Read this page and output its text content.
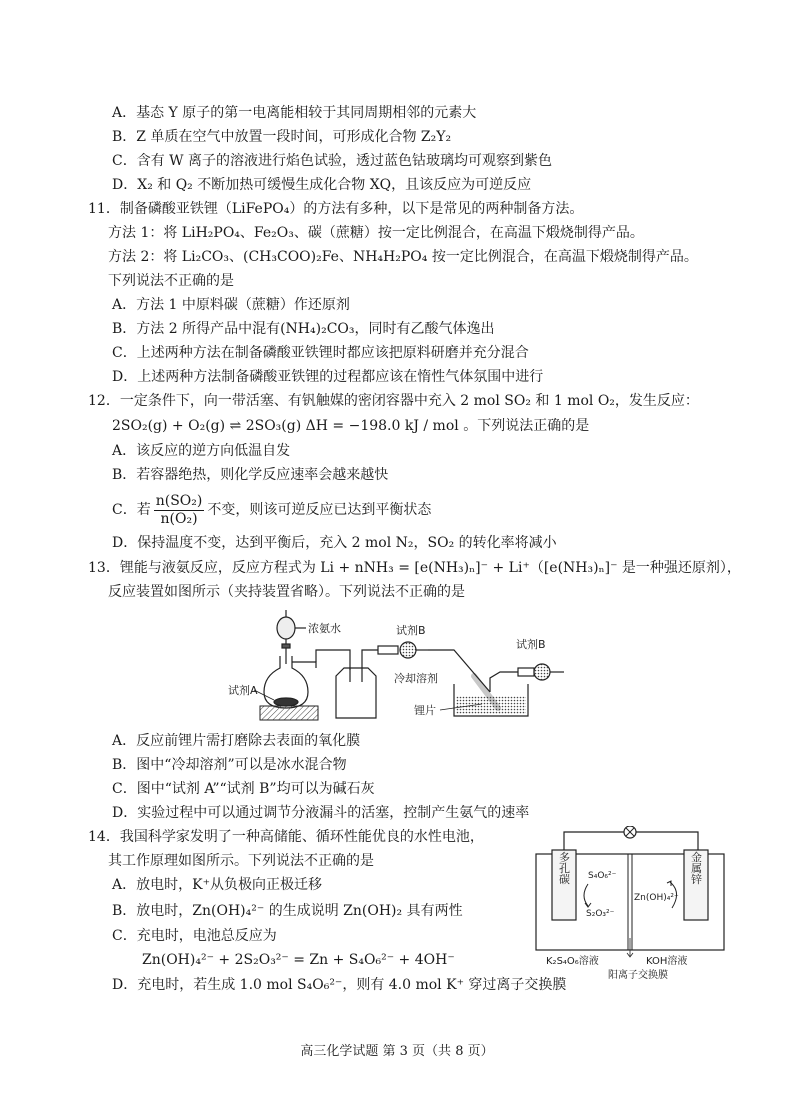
A．基态 Y 原子的第一电离能相较于其同周期相邻的元素大
B．Z 单质在空气中放置一段时间，可形成化合物 Z₂Y₂
C．含有 W 离子的溶液进行焰色试验，透过蓝色钴玻璃均可观察到紫色
D．X₂ 和 Q₂ 不断加热可缓慢生成化合物 XQ，且该反应为可逆反应
11．制备磷酸亚铁锂（LiFePO₄）的方法有多种，以下是常见的两种制备方法。
方法 1：将 LiH₂PO₄、Fe₂O₃、碳（蔗糖）按一定比例混合，在高温下煅烧制得产品。
方法 2：将 Li₂CO₃、(CH₃COO)₂Fe、NH₄H₂PO₄ 按一定比例混合，在高温下煅烧制得产品。
下列说法不正确的是
A．方法 1 中原料碳（蔗糖）作还原剂
B．方法 2 所得产品中混有(NH₄)₂CO₃，同时有乙酸气体逸出
C．上述两种方法在制备磷酸亚铁锂时都应该把原料研磨并充分混合
D．上述两种方法制备磷酸亚铁锂的过程都应该在惰性气体氛围中进行
12．一定条件下，向一带活塞、有钒触媒的密闭容器中充入 2 mol SO₂ 和 1 mol O₂，发生反应：
2SO₂(g) + O₂(g) ⇌ 2SO₃(g) ΔH = −198.0 kJ / mol 。下列说法正确的是
A．该反应的逆方向低温自发
B．若容器绝热，则化学反应速率会越来越快
C．若 $\frac{\text{n(SO₂)}}{\text{n(O₂)}}$ 不变，则该可逆反应已达到平衡状态
D．保持温度不变，达到平衡后，充入 2 mol N₂，SO₂ 的转化率将减小
13．锂能与液氨反应，反应方程式为 Li + nNH₃ = [e(NH₃)ₙ]⁻ + Li⁺（[e(NH₃)ₙ]⁻ 是一种强还原剂），
反应装置如图所示（夹持装置省略）。下列说法不正确的是
浓氨水
试剂A
试剂B
冷却溶剂
锂片
试剂B
A．反应前锂片需打磨除去表面的氧化膜
B．图中“冷却溶剂”可以是冰水混合物
C．图中“试剂 A”“试剂 B”均可以为碱石灰
D．实验过程中可以通过调节分液漏斗的活塞，控制产生氨气的速率
14．我国科学家发明了一种高储能、循环性能优良的水性电池，
其工作原理如图所示。下列说法不正确的是
A．放电时，K⁺从负极向正极迁移
B．放电时，Zn(OH)₄²⁻ 的生成说明 Zn(OH)₂ 具有两性
C．充电时，电池总反应为
Zn(OH)₄²⁻ + 2S₂O₃²⁻ = Zn + S₄O₆²⁻ + 4OH⁻
D．充电时，若生成 1.0 mol S₄O₆²⁻，则有 4.0 mol K⁺ 穿过离子交换膜
多孔碳	金属锌
S₄O₆²⁻
S₂O₃²⁻
Zn(OH)₄²⁻
K₂S₄O₆溶液	KOH溶液
阳离子交换膜
高三化学试题 第 3 页（共 8 页）
